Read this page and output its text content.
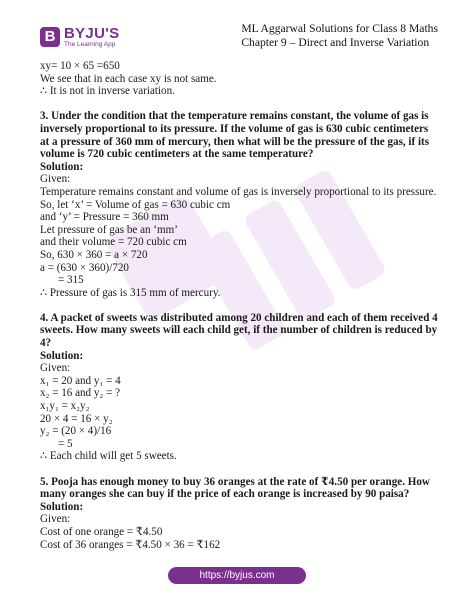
B BYJU'S
The Learning App
ML Aggarwal Solutions for Class 8 Maths
Chapter 9 – Direct and Inverse Variation
xy= 10 × 65 =650
We see that in each case xy is not same.
∴ It is not in inverse variation.
3. Under the condition that the temperature remains constant, the volume of gas is inversely proportional to its pressure. If the volume of gas is 630 cubic centimeters at a pressure of 360 mm of mercury, then what will be the pressure of the gas, if its volume is 720 cubic centimeters at the same temperature?
Solution:
Given:
Temperature remains constant and volume of gas is inversely proportional to its pressure.
So, let ‘x’ = Volume of gas = 630 cubic cm
and ‘y’ = Pressure = 360 mm
Let pressure of gas be an ‘mm’
and their volume = 720 cubic cm
So, 630 × 360 = a × 720
a = (630 × 360)/720
= 315
∴ Pressure of gas is 315 mm of mercury.
4. A packet of sweets was distributed among 20 children and each of them received 4 sweets. How many sweets will each child get, if the number of children is reduced by 4?
Solution:
Given:
x₁ = 20 and y₁ = 4
x₂ = 16 and y₂ = ?
x₁y₁ = x₂y₂
20 × 4 = 16 × y₂
y₂ = (20 × 4)/16
= 5
∴ Each child will get 5 sweets.
5. Pooja has enough money to buy 36 oranges at the rate of ₹4.50 per orange. How many oranges she can buy if the price of each orange is increased by 90 paisa?
Solution:
Given:
Cost of one orange = ₹4.50
Cost of 36 oranges = ₹4.50 × 36 = ₹162
https://byjus.com
